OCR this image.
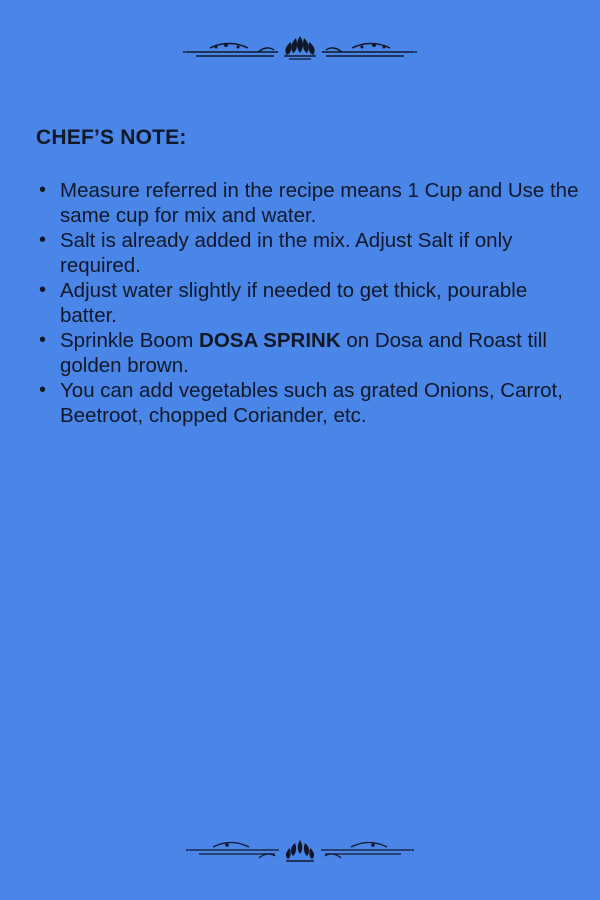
CHEF’S NOTE:
• Measure referred in the recipe means 1 Cup and Use the same cup for mix and water.
• Salt is already added in the mix. Adjust Salt if only required.
• Adjust water slightly if needed to get thick, pourable batter.
• Sprinkle Boom DOSA SPRINK on Dosa and Roast till golden brown.
• You can add vegetables such as grated Onions, Carrot, Beetroot, chopped Coriander, etc.
